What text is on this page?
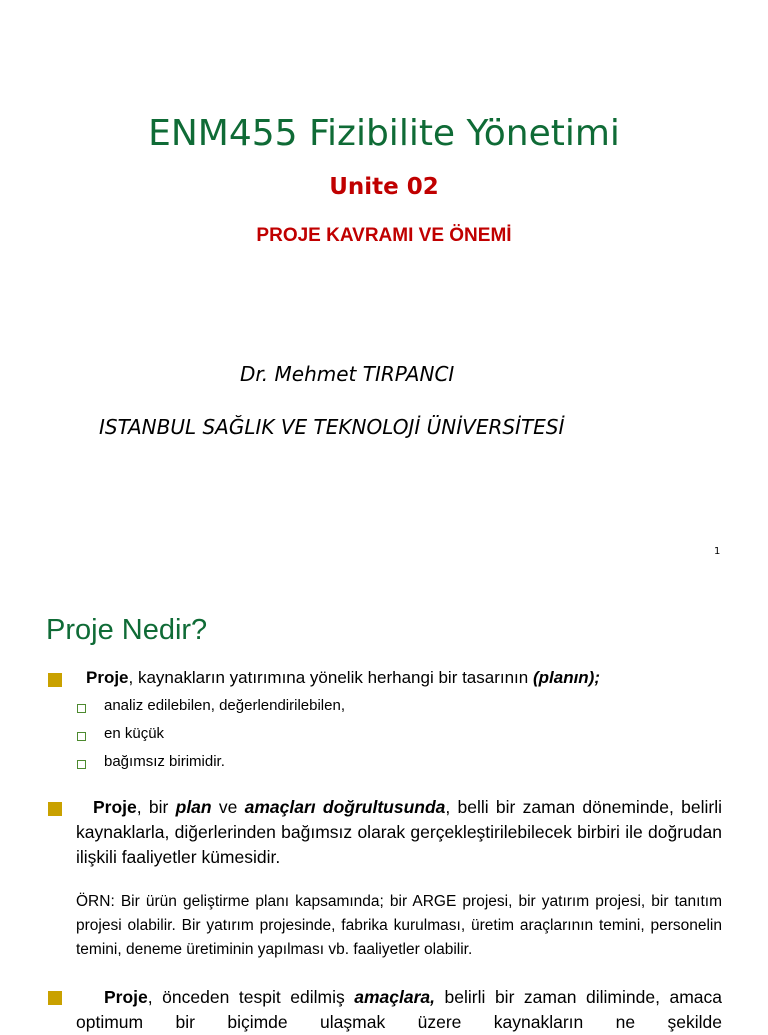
ENM455 Fizibilite Yönetimi
Unite 02
PROJE KAVRAMI VE ÖNEMİ
Dr. Mehmet TIRPANCI
ISTANBUL SAĞLIK VE TEKNOLOJİ ÜNİVERSİTESİ
1
Proje Nedir?
Proje, kaynakların yatırımına yönelik herhangi bir tasarının (planın);
analiz edilebilen, değerlendirilebilen,
en küçük
bağımsız birimidir.
Proje, bir plan ve amaçları doğrultusunda, belli bir zaman döneminde, belirli kaynaklarla, diğerlerinden bağımsız olarak gerçekleştirilebilecek birbiri ile doğrudan ilişkili faaliyetler kümesidir.
ÖRN: Bir ürün geliştirme planı kapsamında; bir ARGE projesi, bir yatırım projesi, bir tanıtım projesi olabilir. Bir yatırım projesinde, fabrika kurulması, üretim araçlarının temini, personelin temini, deneme üretiminin yapılması vb. faaliyetler olabilir.
Proje, önceden tespit edilmiş amaçlara, belirli bir zaman diliminde, amaca optimum bir biçimde ulaşmak üzere kaynakların ne şekilde
